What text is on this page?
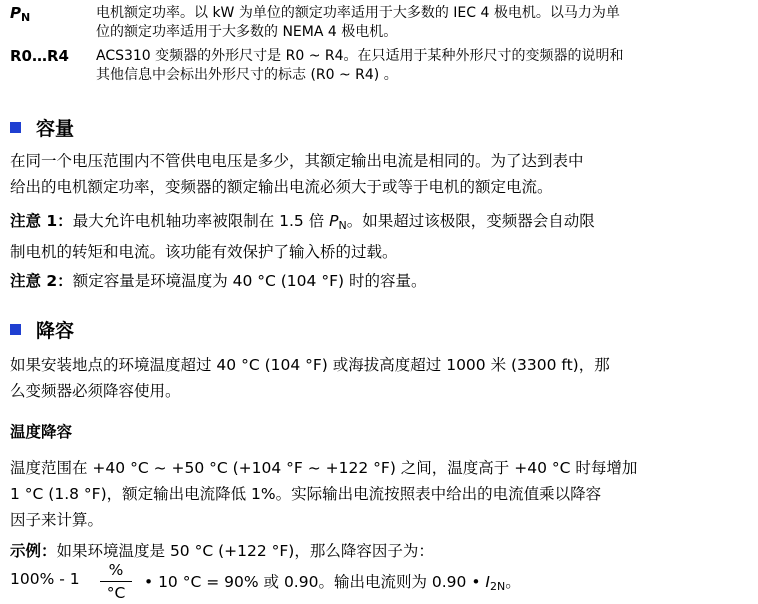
$P_N$	电机额定功率。以 kW 为单位的额定功率适用于大多数的 IEC 4 极电机。以马力为单
位的额定功率适用于大多数的 NEMA 4 极电机。
R0…R4 ACS310 变频器的外形尺寸是 R0 ~ R4。在只适用于某种外形尺寸的变频器的说明和
其他信息中会标出外形尺寸的标志 (R0 ~ R4) 。
容量
在同一个电压范围内不管供电电压是多少，其额定输出电流是相同的。为了达到表中
给出的电机额定功率，变频器的额定输出电流必须大于或等于电机的额定电流。
注意 1：最大允许电机轴功率被限制在 1.5 倍 $P_N$。如果超过该极限，变频器会自动限
制电机的转矩和电流。该功能有效保护了输入桥的过载。
注意 2：额定容量是环境温度为 40 °C (104 °F) 时的容量。
降容
如果安装地点的环境温度超过 40 °C (104 °F) 或海拔高度超过 1000 米 (3300 ft)，那
么变频器必须降容使用。
温度降容
温度范围在 +40 °C ~ +50 °C (+104 °F ~ +122 °F) 之间，温度高于 +40 °C 时每增加
1 °C (1.8 °F)，额定输出电流降低 1%。实际输出电流按照表中给出的电流值乘以降容
因子来计算。
示例：如果环境温度是 50 °C (+122 °F)，那么降容因子为：
100% - 1	%
°C
• 10 °C = 90% 或 0.90。输出电流则为 0.90 • $I_{2N}$。
